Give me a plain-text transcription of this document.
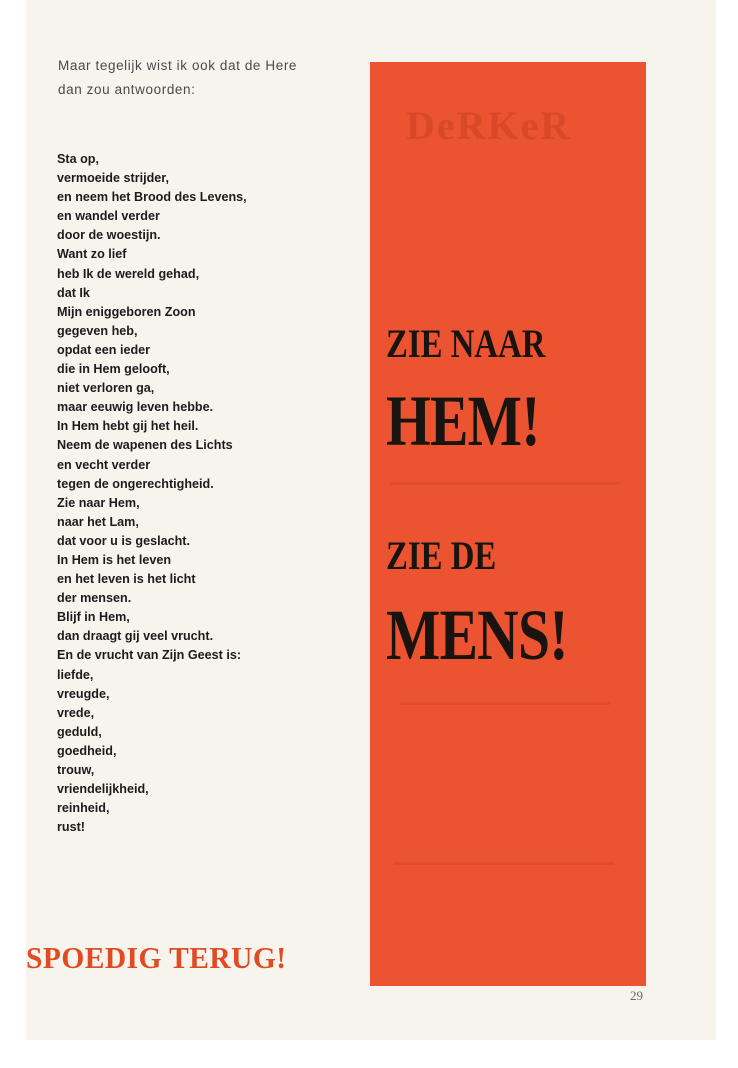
Maar tegelijk wist ik ook dat de Here
dan zou antwoorden:
Sta op,
vermoeide strijder,
en neem het Brood des Levens,
en wandel verder
door de woestijn.
Want zo lief
heb Ik de wereld gehad,
dat Ik
Mijn eniggeboren Zoon
gegeven heb,
opdat een ieder
die in Hem gelooft,
niet verloren ga,
maar eeuwig leven hebbe.
In Hem hebt gij het heil.
Neem de wapenen des Lichts
en vecht verder
tegen de ongerechtigheid.
Zie naar Hem,
naar het Lam,
dat voor u is geslacht.
In Hem is het leven
en het leven is het licht
der mensen.
Blijf in Hem,
dan draagt gij veel vrucht.
En de vrucht van Zijn Geest is:
liefde,
vreugde,
vrede,
geduld,
goedheid,
trouw,
vriendelijkheid,
reinheid,
rust!
SPOEDIG TERUG!
DeRKeR
ZIE NAAR
HEM!
ZIE DE
MENS!
29
